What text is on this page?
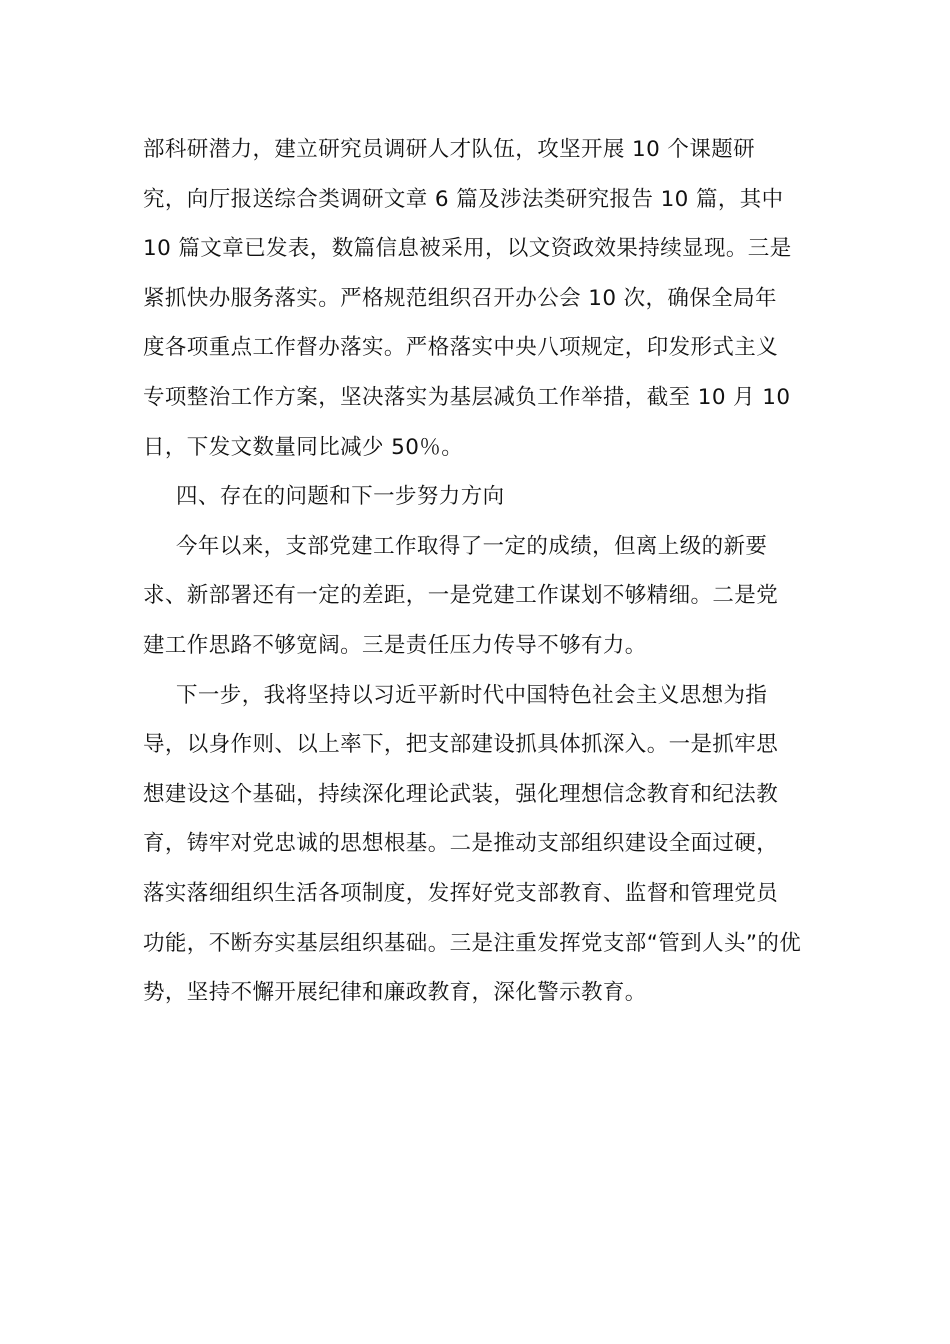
部科研潜力，建立研究员调研人才队伍，攻坚开展 10 个课题研
究，向厅报送综合类调研文章 6 篇及涉法类研究报告 10 篇，其中
10 篇文章已发表，数篇信息被采用，以文资政效果持续显现。三是
紧抓快办服务落实。严格规范组织召开办公会 10 次，确保全局年
度各项重点工作督办落实。严格落实中央八项规定，印发形式主义
专项整治工作方案，坚决落实为基层减负工作举措，截至 10 月 10
日，下发文数量同比减少 50％。
四、存在的问题和下一步努力方向
今年以来，支部党建工作取得了一定的成绩，但离上级的新要
求、新部署还有一定的差距，一是党建工作谋划不够精细。二是党
建工作思路不够宽阔。三是责任压力传导不够有力。
下一步，我将坚持以习近平新时代中国特色社会主义思想为指
导，以身作则、以上率下，把支部建设抓具体抓深入。一是抓牢思
想建设这个基础，持续深化理论武装，强化理想信念教育和纪法教
育，铸牢对党忠诚的思想根基。二是推动支部组织建设全面过硬，
落实落细组织生活各项制度，发挥好党支部教育、监督和管理党员
功能，不断夯实基层组织基础。三是注重发挥党支部“管到人头”的优
势，坚持不懈开展纪律和廉政教育，深化警示教育。
